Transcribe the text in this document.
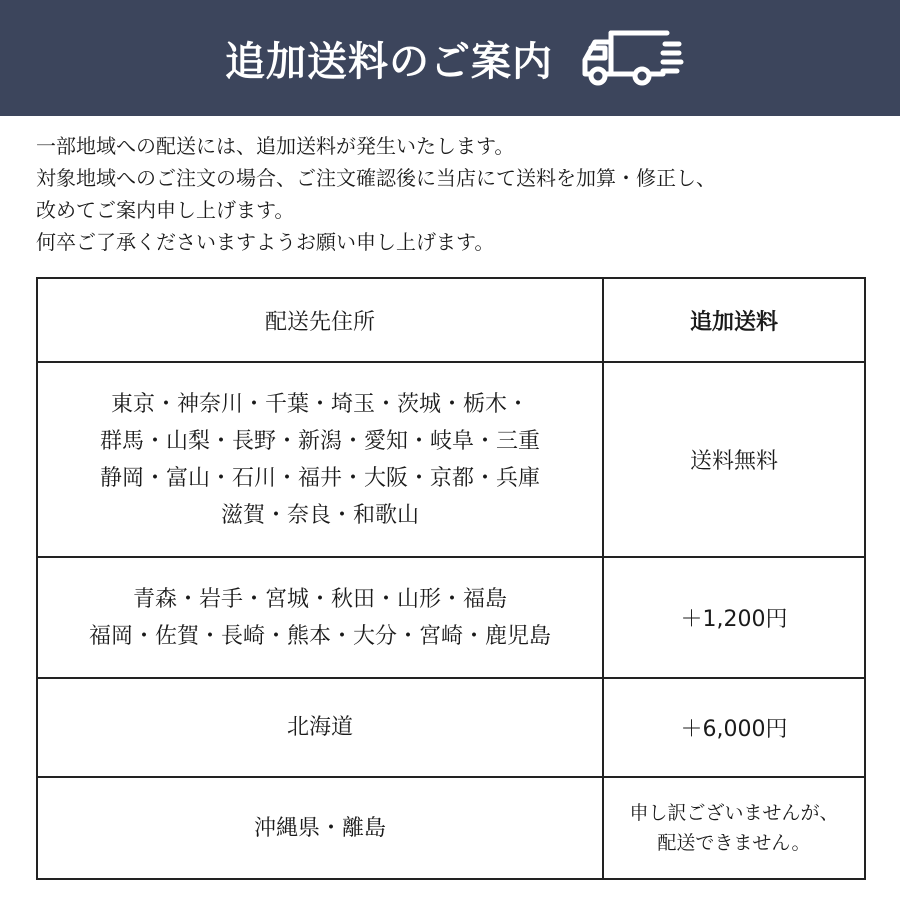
追加送料のご案内
一部地域への配送には、追加送料が発生いたします。
対象地域へのご注文の場合、ご注文確認後に当店にて送料を加算・修正し、
改めてご案内申し上げます。
何卒ご了承くださいますようお願い申し上げます。
配送先住所	追加送料

東京・神奈川・千葉・埼玉・茨城・栃木・
群馬・山梨・長野・新潟・愛知・岐阜・三重
静岡・富山・石川・福井・大阪・京都・兵庫
滋賀・奈良・和歌山	送料無料

青森・岩手・宮城・秋田・山形・福島
福岡・佐賀・長崎・熊本・大分・宮崎・鹿児島	＋1,200円

北海道	＋6,000円

沖縄県・離島	申し訳ございませんが、
配送できません。
